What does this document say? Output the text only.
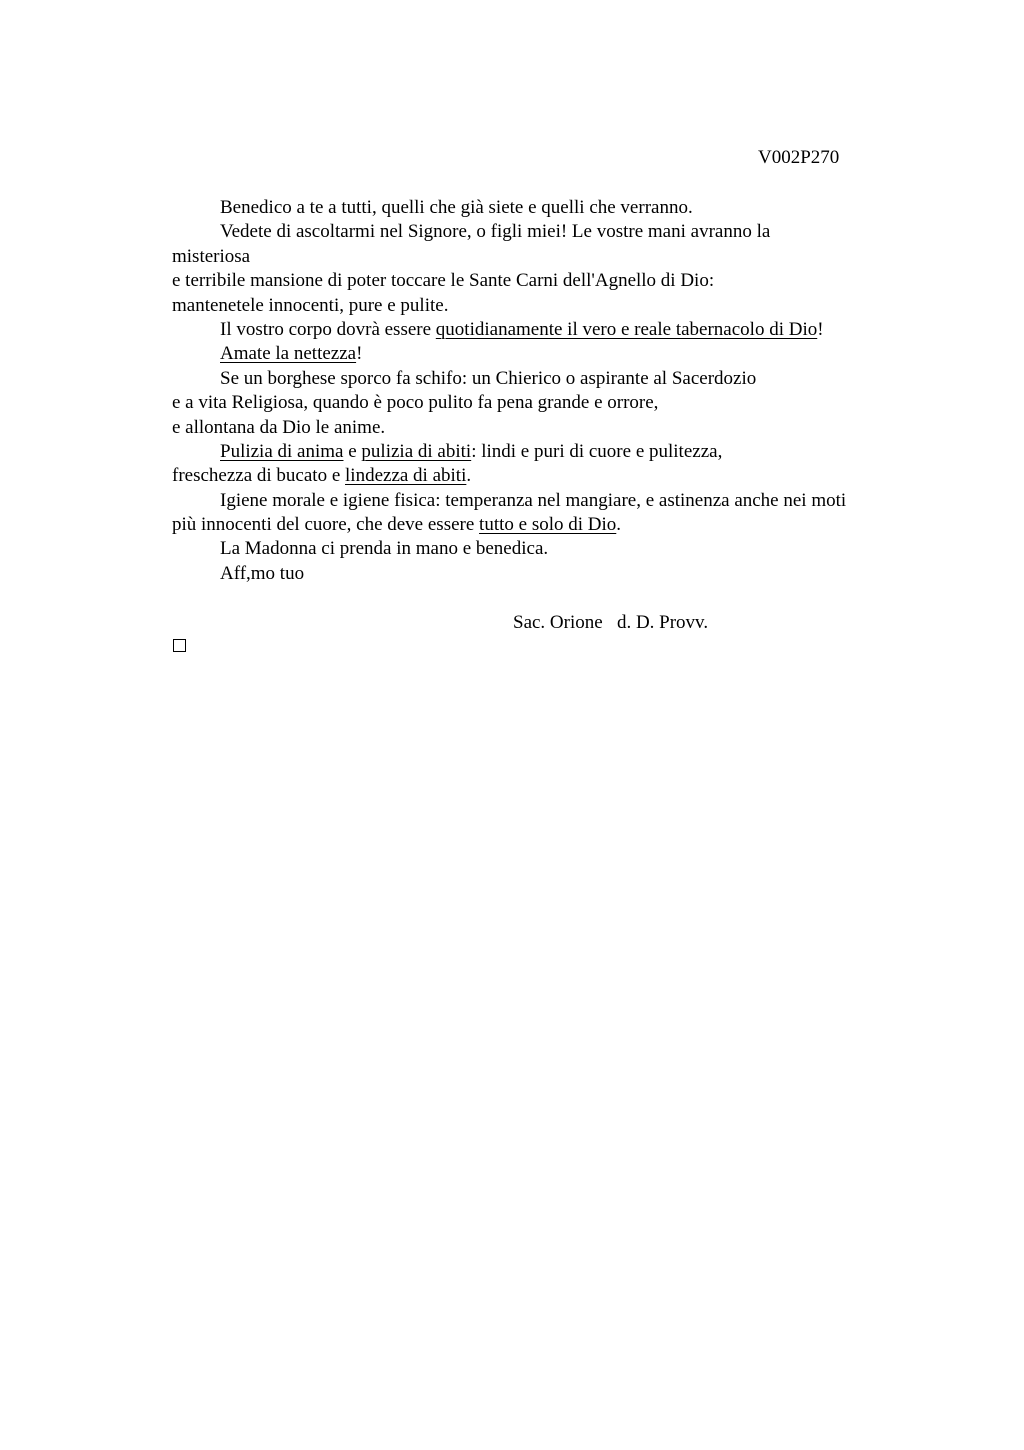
V002P270
Benedico a te a tutti, quelli che già siete e quelli che verranno.
Vedete di ascoltarmi nel Signore, o figli miei! Le vostre mani avranno la
misteriosa
e terribile mansione di poter toccare le Sante Carni dell'Agnello di Dio:
mantenetele innocenti, pure e pulite.
Il vostro corpo dovrà essere quotidianamente il vero e reale tabernacolo di Dio!
Amate la nettezza!
Se un borghese sporco fa schifo: un Chierico o aspirante al Sacerdozio
e a vita Religiosa, quando è poco pulito fa pena grande e orrore,
e allontana da Dio le anime.
Pulizia di anima e pulizia di abiti: lindi e puri di cuore e pulitezza,
freschezza di bucato e lindezza di abiti.
Igiene morale e igiene fisica: temperanza nel mangiare, e astinenza anche nei moti
più innocenti del cuore, che deve essere tutto e solo di Dio.
La Madonna ci prenda in mano e benedica.
Aff,mo tuo
Sac. Orione   d. D. Provv.
